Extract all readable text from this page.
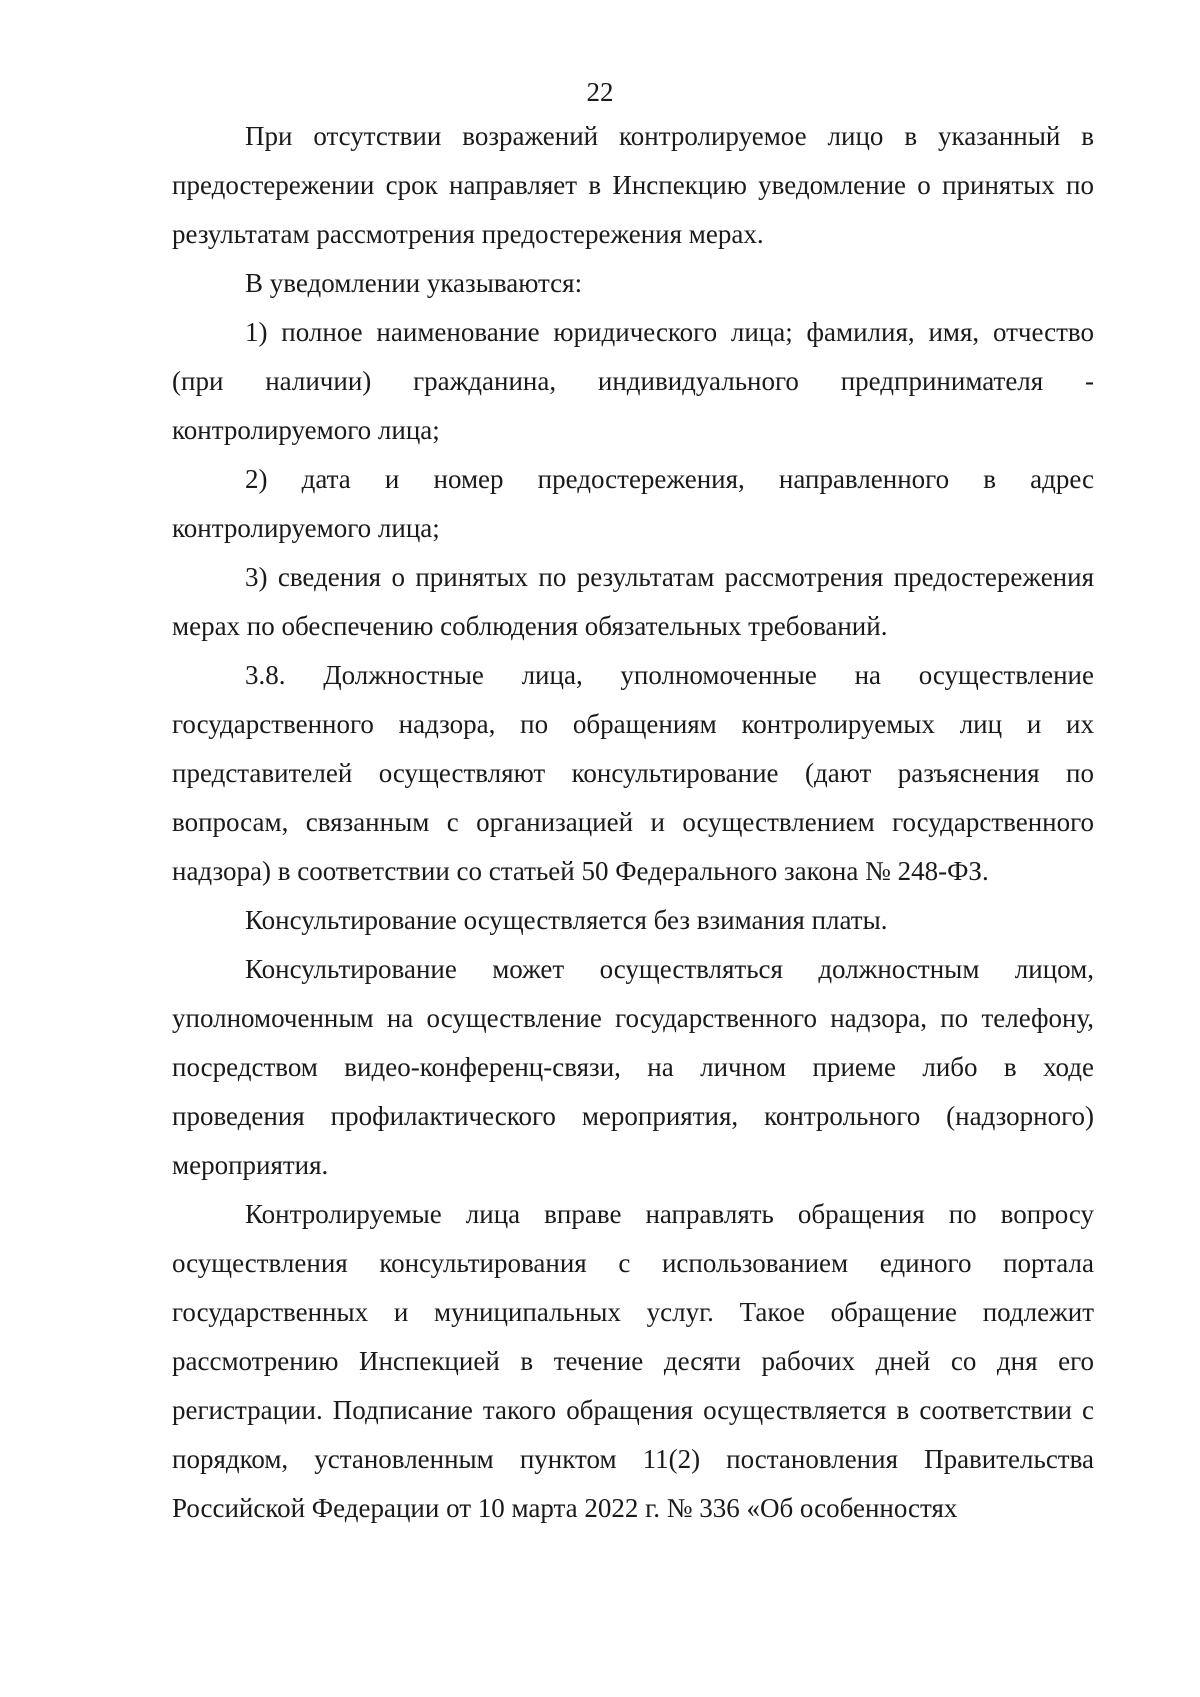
22

При отсутствии возражений контролируемое лицо в указанный в предостережении срок направляет в Инспекцию уведомление о принятых по результатам рассмотрения предостережения мерах.

В уведомлении указываются:

1) полное наименование юридического лица; фамилия, имя, отчество (при наличии) гражданина, индивидуального предпринимателя - контролируемого лица;

2) дата и номер предостережения, направленного в адрес контролируемого лица;

3) сведения о принятых по результатам рассмотрения предостережения мерах по обеспечению соблюдения обязательных требований.

3.8. Должностные лица, уполномоченные на осуществление государственного надзора, по обращениям контролируемых лиц и их представителей осуществляют консультирование (дают разъяснения по вопросам, связанным с организацией и осуществлением государственного надзора) в соответствии со статьей 50 Федерального закона № 248-ФЗ.

Консультирование осуществляется без взимания платы.

Консультирование может осуществляться должностным лицом, уполномоченным на осуществление государственного надзора, по телефону, посредством видео-конференц-связи, на личном приеме либо в ходе проведения профилактического мероприятия, контрольного (надзорного) мероприятия.

Контролируемые лица вправе направлять обращения по вопросу осуществления консультирования с использованием единого портала государственных и муниципальных услуг. Такое обращение подлежит рассмотрению Инспекцией в течение десяти рабочих дней со дня его регистрации. Подписание такого обращения осуществляется в соответствии с порядком, установленным пунктом 11(2) постановления Правительства Российской Федерации от 10 марта 2022 г. № 336 «Об особенностях
